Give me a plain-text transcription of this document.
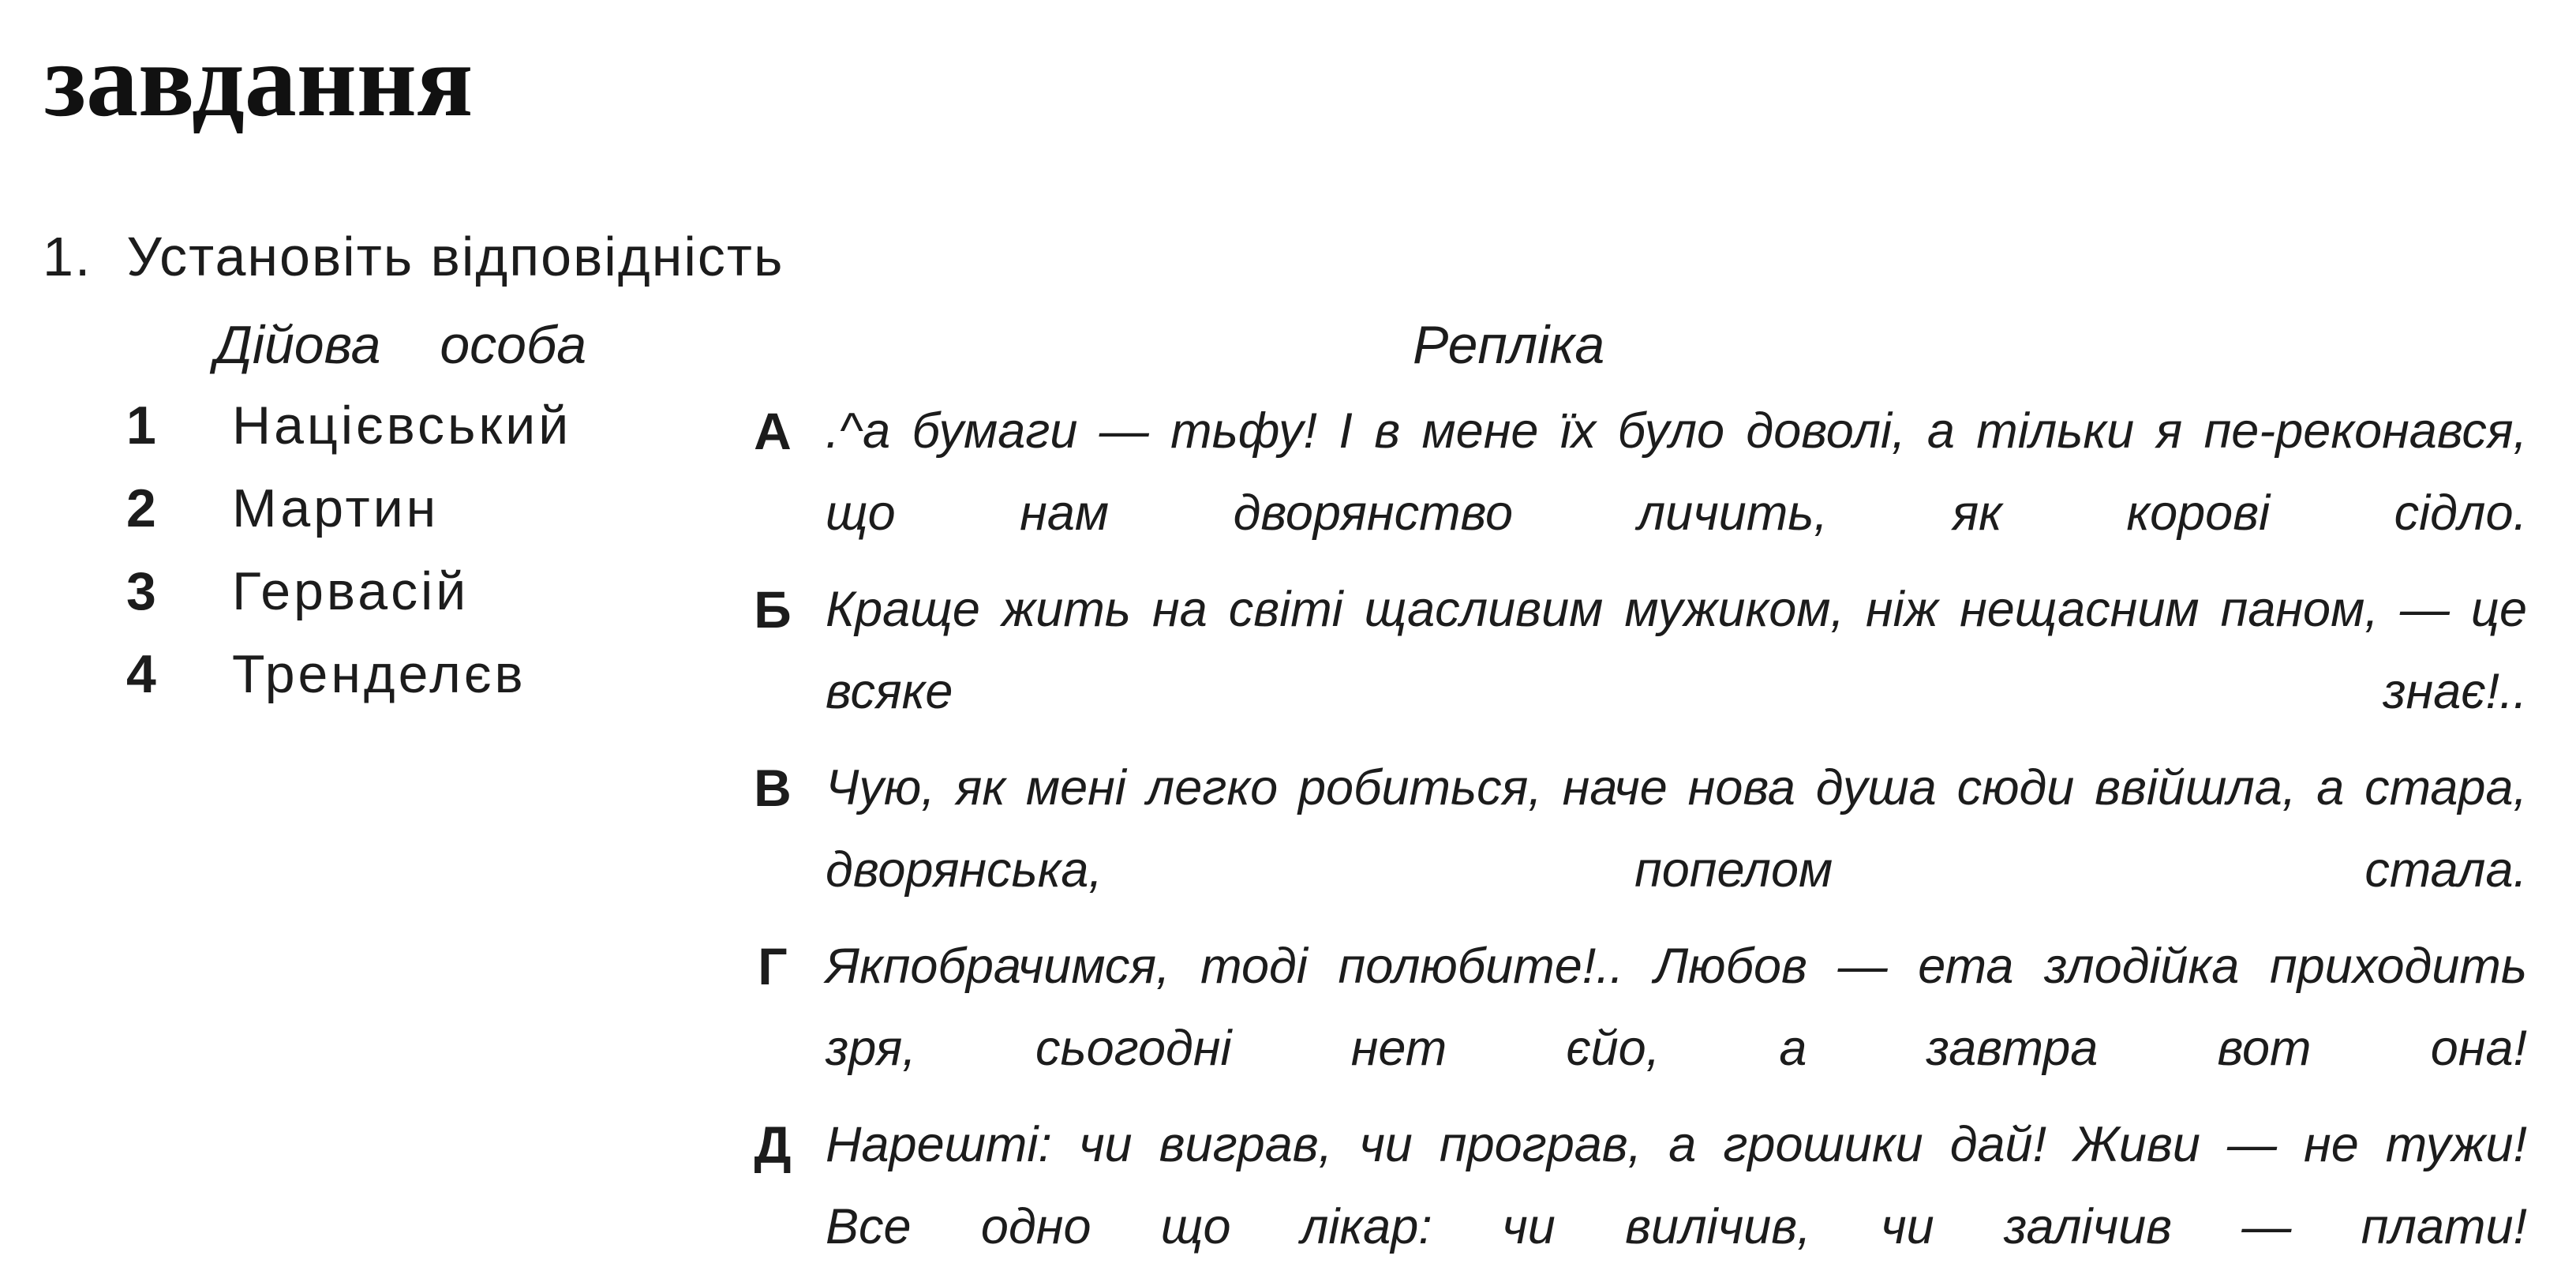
завдання
1. Установіть відповідність
Дійова особа	Репліка
1 Націєвський
2 Мартин
3 Гервасій
4 Тренделєв
А .^а бумаги — тьфу! І в мене їх було доволі, а тільки я пе-реконався, що нам дворянство личить, як корові сідло.
Б Краще жить на світі щасливим мужиком, ніж нещасним паном, — це всяке знає!..
В Чую, як мені легко робиться, наче нова душа сюди ввійшла, а стара, дворянська, попелом стала.
Г Якпобрачимся, тоді полюбите!.. Любов — ета злодійка приходить зря, сьогодні нет єйо, а завтра вот она!
Д Нарешті: чи виграв, чи програв, а грошики дай! Живи — не тужи! Все одно що лікар: чи вилічив, чи залічив — плати!
